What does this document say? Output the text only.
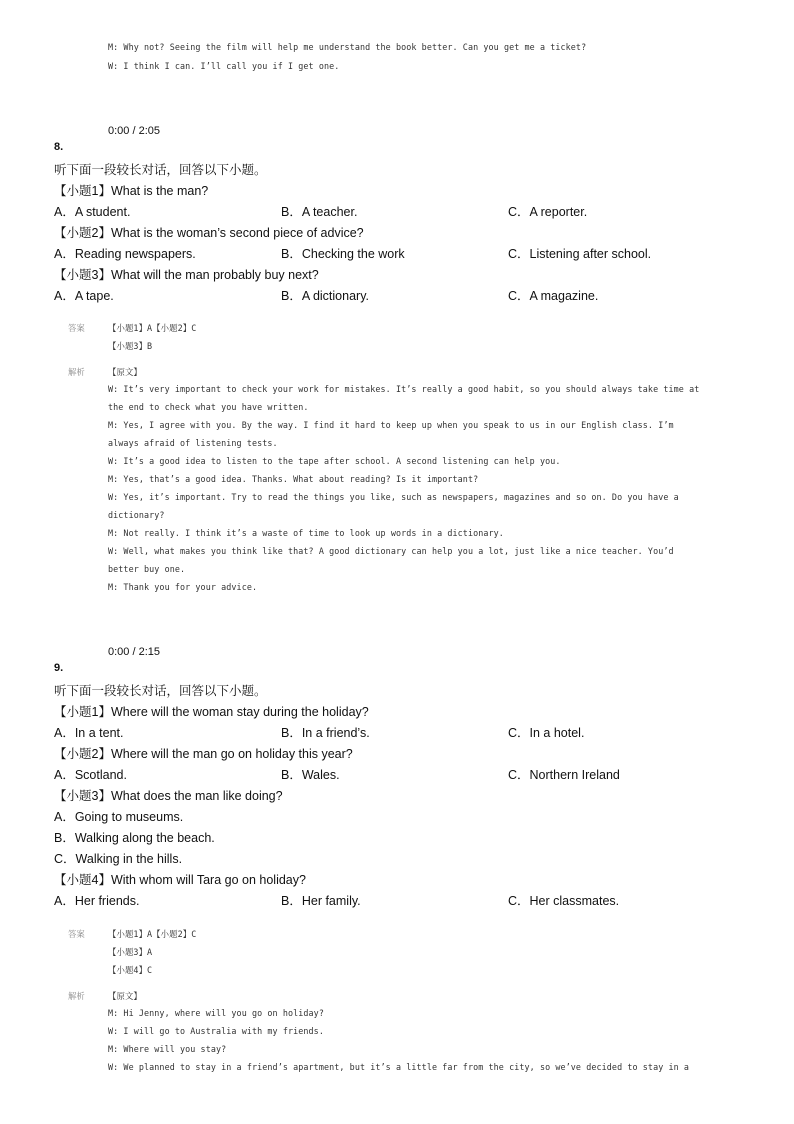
M: Why not? Seeing the film will help me understand the book better. Can you get me a ticket?
W: I think I can. I’ll call you if I get one.
0:00 / 2:05
8.
听下面一段较长对话，回答以下小题。
【小题1】What is the man?
A．A student.	B．A teacher.	C．A reporter.
【小题2】What is the woman’s second piece of advice?
A．Reading newspapers.	B．Checking the work	C．Listening after school.
【小题3】What will the man probably buy next?
A．A tape.	B．A dictionary.	C．A magazine.
答案	【小题1】A【小题2】C
【小题3】B
解析	【原文】
W: It’s very important to check your work for mistakes. It’s really a good habit, so you should always take time at
the end to check what you have written.
M: Yes, I agree with you. By the way. I find it hard to keep up when you speak to us in our English class. I’m
always afraid of listening tests.
W: It’s a good idea to listen to the tape after school. A second listening can help you.
M: Yes, that’s a good idea. Thanks. What about reading? Is it important?
W: Yes, it’s important. Try to read the things you like, such as newspapers, magazines and so on. Do you have a
dictionary?
M: Not really. I think it’s a waste of time to look up words in a dictionary.
W: Well, what makes you think like that? A good dictionary can help you a lot, just like a nice teacher. You’d
better buy one.
M: Thank you for your advice.
0:00 / 2:15
9.
听下面一段较长对话，回答以下小题。
【小题1】Where will the woman stay during the holiday?
A．In a tent.	B．In a friend’s.	C．In a hotel.
【小题2】Where will the man go on holiday this year?
A．Scotland.	B．Wales.	C．Northern Ireland
【小题3】What does the man like doing?
A．Going to museums.
B．Walking along the beach.
C．Walking in the hills.
【小题4】With whom will Tara go on holiday?
A．Her friends.	B．Her family.	C．Her classmates.
答案	【小题1】A【小题2】C
【小题3】A
【小题4】C
解析	【原文】
M: Hi Jenny, where will you go on holiday?
W: I will go to Australia with my friends.
M: Where will you stay?
W: We planned to stay in a friend’s apartment, but it’s a little far from the city, so we’ve decided to stay in a
